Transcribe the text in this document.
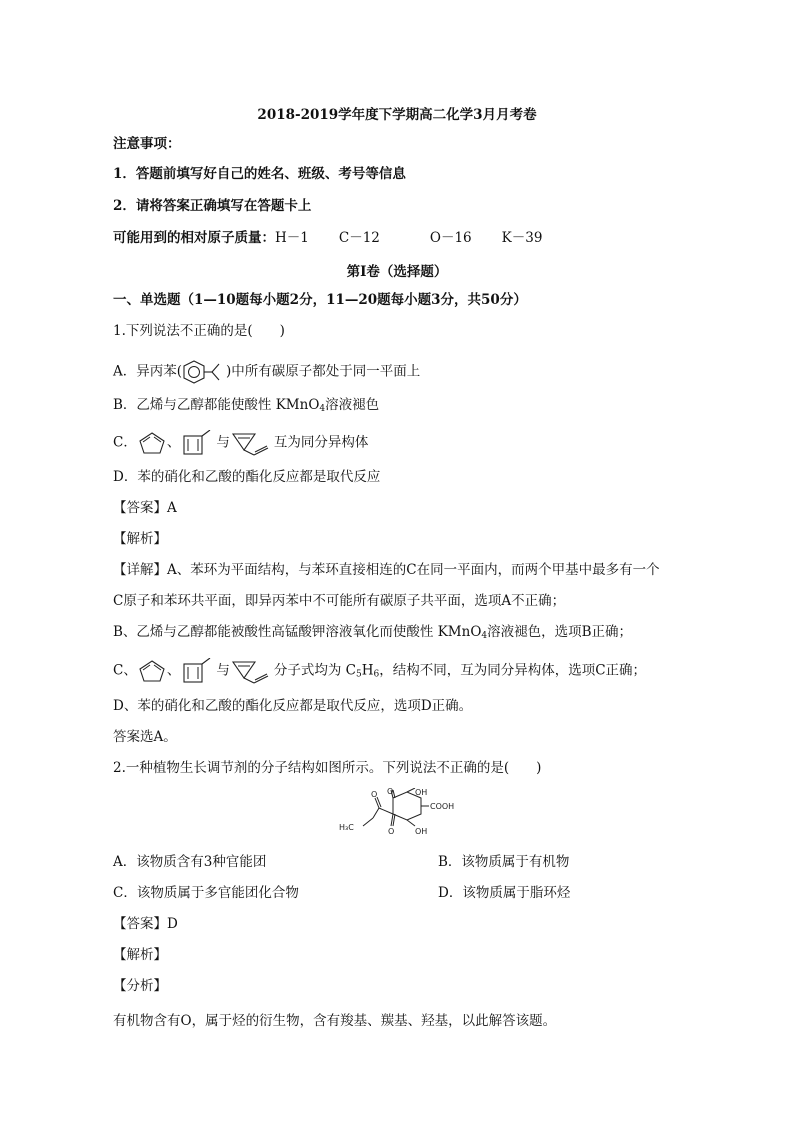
2018-2019学年度下学期高二化学3月月考卷
注意事项：
1．答题前填写好自己的姓名、班级、考号等信息
2．请将答案正确填写在答题卡上
可能用到的相对原子质量：H－1 C－12	O－16 K－39
第I卷（选择题）
一、单选题（1—10题每小题2分，11—20题每小题3分，共50分）
1.下列说法不正确的是(　　)
A．异丙苯(	)中所有碳原子都处于同一平面上
B．乙烯与乙醇都能使酸性 KMnO$_4$溶液褪色
C． 、	与	互为同分异构体
D．苯的硝化和乙酸的酯化反应都是取代反应
【答案】A
【解析】
【详解】A、苯环为平面结构，与苯环直接相连的C在同一平面内，而两个甲基中最多有一个
C原子和苯环共平面，即异丙苯中不可能所有碳原子共平面，选项A不正确；
B、乙烯与乙醇都能被酸性高锰酸钾溶液氧化而使酸性 KMnO$_4$溶液褪色，选项B正确；
C、 、	与	分子式均为 $C_5H_6$，结构不同，互为同分异构体，选项C正确；
D、苯的硝化和乙酸的酯化反应都是取代反应，选项D正确。
答案选A。
2.一种植物生长调节剂的分子结构如图所示。下列说法不正确的是(　　)
O O
O
OH
OH
COOH
H₃C
A．该物质含有3种官能团	B．该物质属于有机物
C．该物质属于多官能团化合物	D．该物质属于脂环烃
【答案】D
【解析】
【分析】
有机物含有O，属于烃的衍生物，含有羧基、羰基、羟基，以此解答该题。
